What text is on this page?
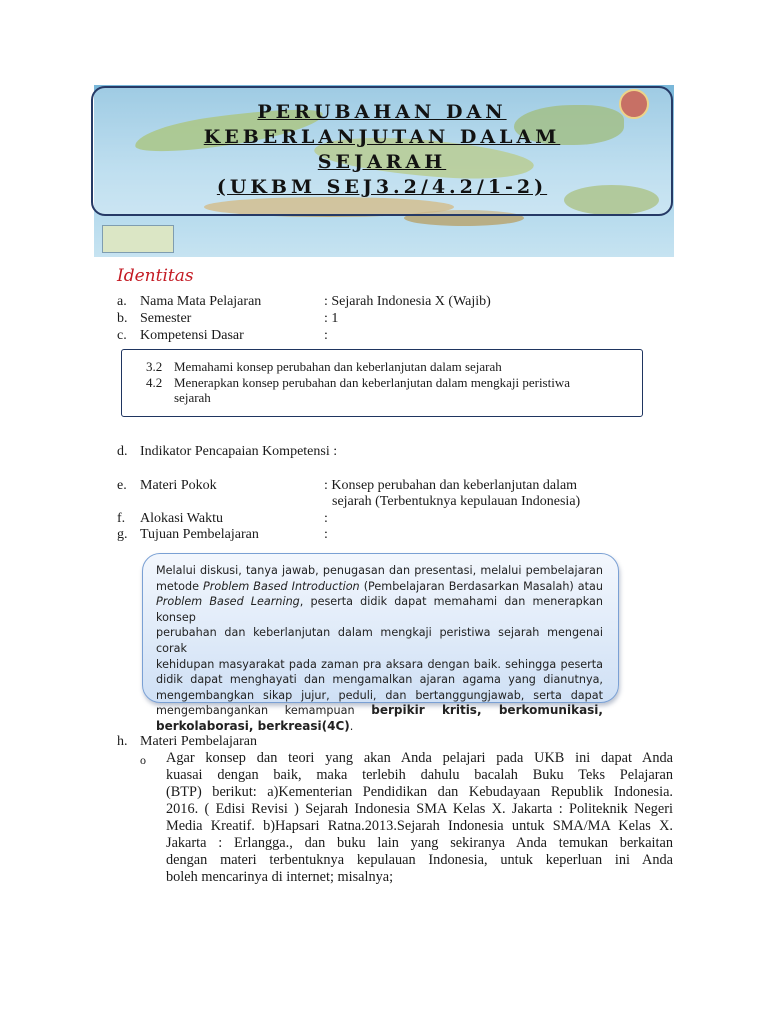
PERUBAHAN DAN
KEBERLANJUTAN DALAM
SEJARAH
(UKBM SEJ3.2/4.2/1-2)
Identitas
a. Nama Mata Pelajaran	: Sejarah Indonesia X (Wajib)
b. Semester	: 1
c. Kompetensi Dasar	:
3.2 Memahami konsep perubahan dan keberlanjutan dalam sejarah
4.2 Menerapkan konsep perubahan dan keberlanjutan dalam mengkaji peristiwa
sejarah
d. Indikator Pencapaian Kompetensi :
e. Materi Pokok	: Konsep perubahan dan keberlanjutan dalam
sejarah (Terbentuknya kepulauan Indonesia)
f. Alokasi Waktu	:
g. Tujuan Pembelajaran	:
Melalui diskusi, tanya jawab, penugasan dan presentasi, melalui pembelajaran
metode Problem Based Introduction (Pembelajaran Berdasarkan Masalah) atau
Problem Based Learning, peserta didik dapat memahami dan menerapkan konsep
perubahan dan keberlanjutan dalam mengkaji peristiwa sejarah mengenai corak
kehidupan masyarakat pada zaman pra aksara dengan baik. sehingga peserta
didik dapat menghayati dan mengamalkan ajaran agama yang dianutnya,
mengembangkan sikap jujur, peduli, dan bertanggungjawab, serta dapat
mengembangankan kemampuan berpikir kritis, berkomunikasi,
berkolaborasi, berkreasi(4C).
h. Materi Pembelajaran
o Agar konsep dan teori yang akan Anda pelajari pada UKB ini dapat Anda
kuasai dengan baik, maka terlebih dahulu bacalah Buku Teks Pelajaran
(BTP) berikut: a)Kementerian Pendidikan dan Kebudayaan Republik Indonesia.
2016. ( Edisi Revisi ) Sejarah Indonesia SMA Kelas X. Jakarta : Politeknik Negeri
Media Kreatif. b)Hapsari Ratna.2013.Sejarah Indonesia untuk SMA/MA Kelas X.
Jakarta : Erlangga., dan buku lain yang sekiranya Anda temukan berkaitan
dengan materi terbentuknya kepulauan Indonesia, untuk keperluan ini Anda
boleh mencarinya di internet; misalnya;
